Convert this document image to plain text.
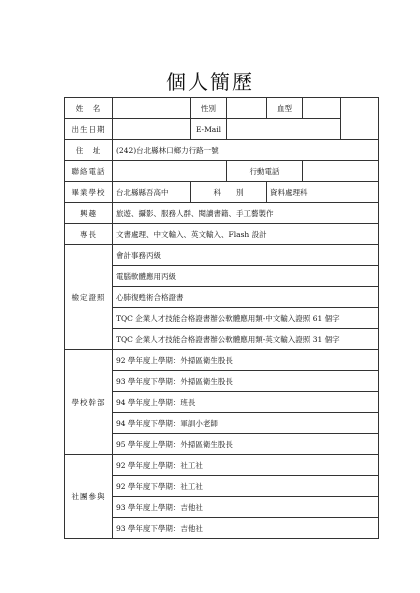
個人簡歷
姓　名		性別		血型		
出生日期		E-Mail				
住　址	(242)台北縣林口鄉力行路一號					
聯絡電話			行動電話			
畢業學校	台北縣縣吾高中	科　　別		資料處理科		
興趣	旅遊、攝影、服務人群、閱讀書籍、手工藝製作					
專長	文書處理、中文輸入、英文輸入、Flash 設計					
檢定證照	會計事務丙級					
	電腦軟體應用丙級					
	心肺復甦術合格證書					
	TQC 企業人才技能合格證書辦公軟體應用類-中文輸入證照 61 個字					
	TQC 企業人才技能合格證書辦公軟體應用類-英文輸入證照 31 個字					
學校幹部	92 學年度上學期：外掃區衛生股長					
	93 學年度下學期：外掃區衛生股長					
	94 學年度上學期：班長					
	94 學年度下學期：軍訓小老師					
	95 學年度上學期：外掃區衛生股長					
社團參與	92 學年度上學期：社工社					
	92 學年度下學期：社工社					
	93 學年度上學期：吉他社					
	93 學年度下學期：吉他社					
